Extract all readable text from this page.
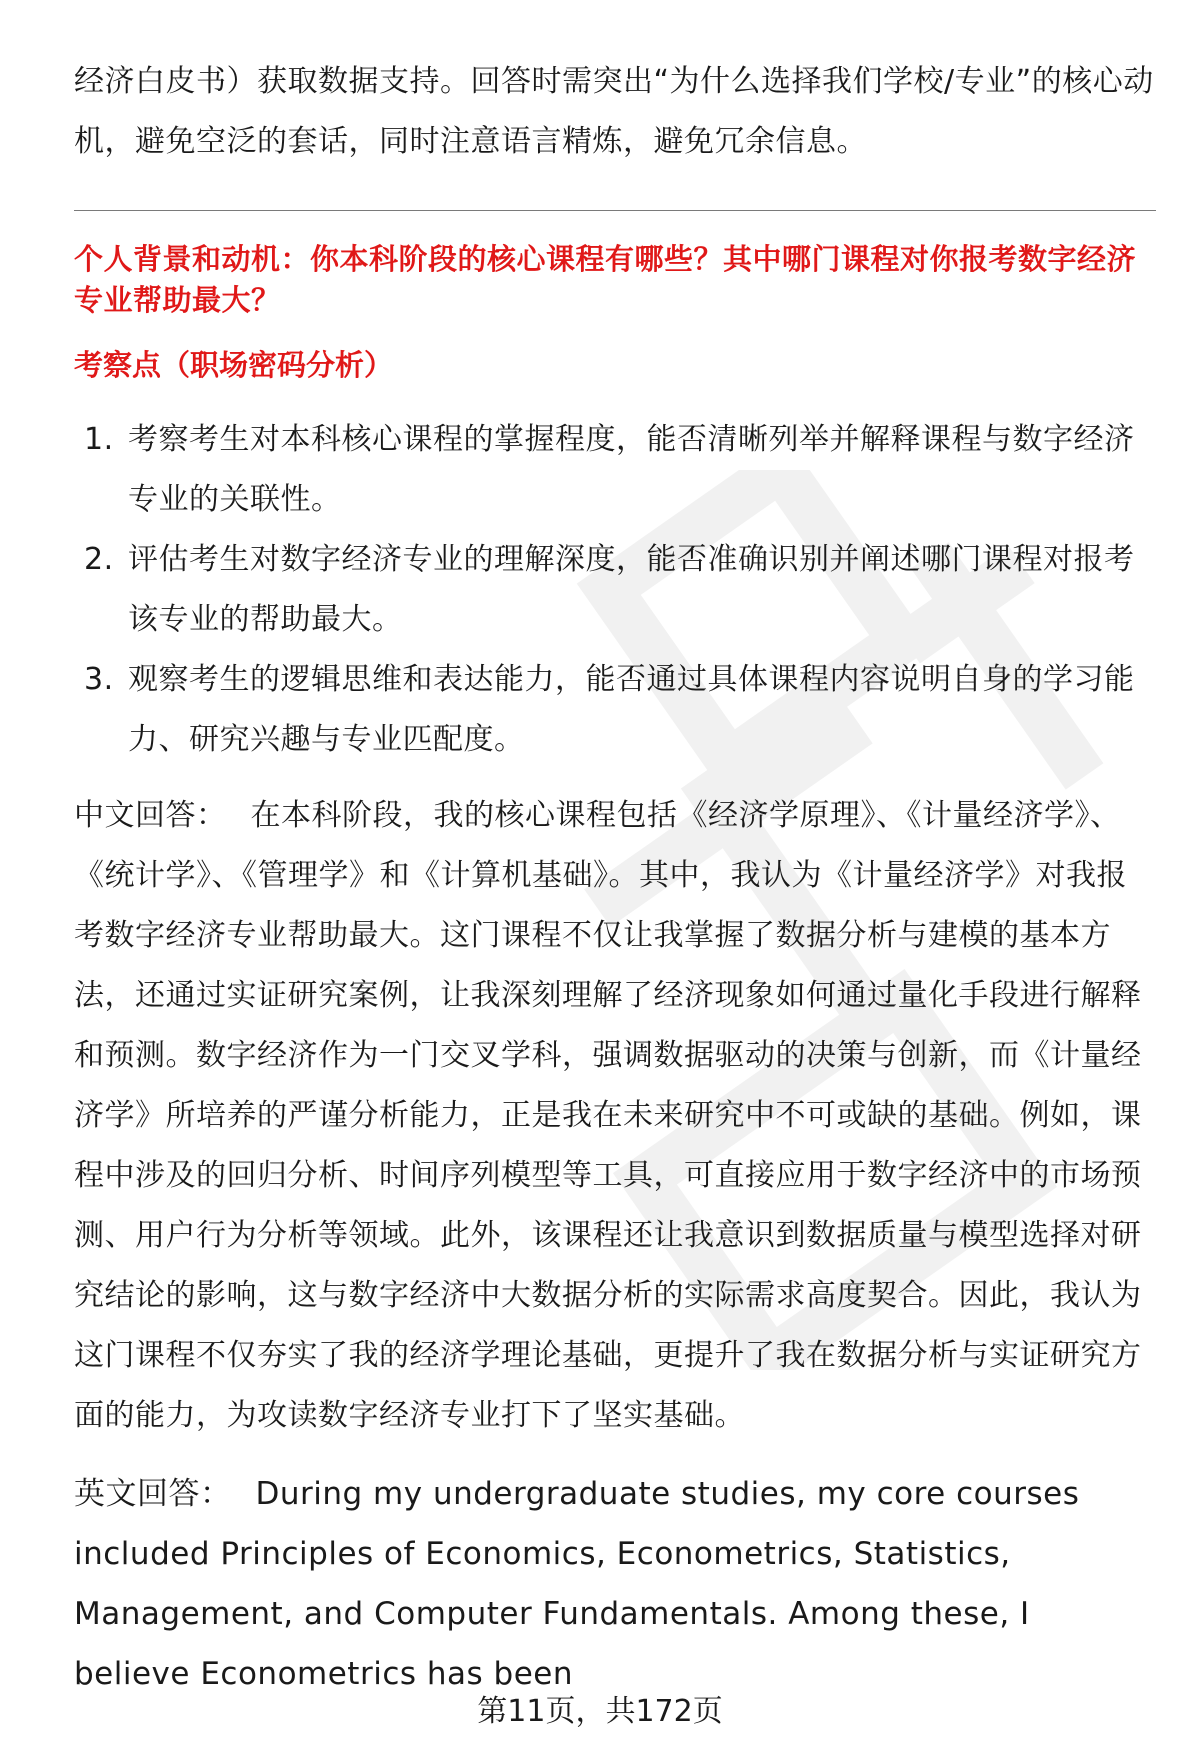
经济白皮书）获取数据支持。回答时需突出“为什么选择我们学校/专业”的核心动机，避免空泛的套话，同时注意语言精炼，避免冗余信息。

个人背景和动机：你本科阶段的核心课程有哪些？其中哪门课程对你报考数字经济专业帮助最大？

考察点（职场密码分析）

1. 考察考生对本科核心课程的掌握程度，能否清晰列举并解释课程与数字经济专业的关联性。
2. 评估考生对数字经济专业的理解深度，能否准确识别并阐述哪门课程对报考该专业的帮助最大。
3. 观察考生的逻辑思维和表达能力，能否通过具体课程内容说明自身的学习能力、研究兴趣与专业匹配度。

中文回答： 在本科阶段，我的核心课程包括《经济学原理》、《计量经济学》、《统计学》、《管理学》和《计算机基础》。其中，我认为《计量经济学》对我报考数字经济专业帮助最大。这门课程不仅让我掌握了数据分析与建模的基本方法，还通过实证研究案例，让我深刻理解了经济现象如何通过量化手段进行解释和预测。数字经济作为一门交叉学科，强调数据驱动的决策与创新，而《计量经济学》所培养的严谨分析能力，正是我在未来研究中不可或缺的基础。例如，课程中涉及的回归分析、时间序列模型等工具，可直接应用于数字经济中的市场预测、用户行为分析等领域。此外，该课程还让我意识到数据质量与模型选择对研究结论的影响，这与数字经济中大数据分析的实际需求高度契合。因此，我认为这门课程不仅夯实了我的经济学理论基础，更提升了我在数据分析与实证研究方面的能力，为攻读数字经济专业打下了坚实基础。

英文回答： During my undergraduate studies, my core courses included Principles of Economics, Econometrics, Statistics, Management, and Computer Fundamentals. Among these, I believe Econometrics has been

第11页，共172页
